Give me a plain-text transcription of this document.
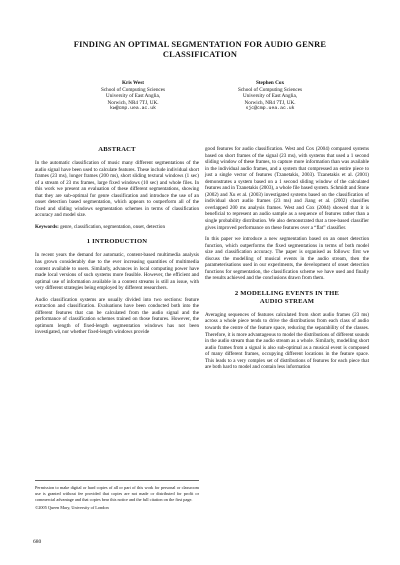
FINDING AN OPTIMAL SEGMENTATION FOR AUDIO GENRE
CLASSIFICATION
Kris West
School of Computing Sciences
University of East Anglia,
Norwich, NR4 7TJ, UK.
kw@cmp.uea.ac.uk
Stephen Cox
School of Computing Sciences
University of East Anglia,
Norwich, NR4 7TJ, UK.
sjc@cmp.uea.ac.uk
ABSTRACT

In the automatic classification of music many different segmentations of the audio signal have been used to calculate features. These include individual short frames (23 ms), longer frames (200 ms), short sliding textural windows (1 sec) of a stream of 23 ms frames, large fixed windows (10 sec) and whole files. In this work we present an evaluation of these different segmentations, showing that they are sub-optimal for genre classification and introduce the use of an onset detection based segmentation, which appears to outperform all of the fixed and sliding windows segmentation schemes in terms of classification accuracy and model size.

Keywords: genre, classification, segmentation, onset, detection

1 INTRODUCTION

In recent years the demand for automatic, content-based multimedia analysis has grown considerably due to the ever increasing quantities of multimedia content available to users. Similarly, advances in local computing power have made local versions of such systems more feasible. However, the efficient and optimal use of information available in a content streams is still an issue, with very different strategies being employed by different researchers.

Audio classification systems are usually divided into two sections: feature extraction and classification. Evaluations have been conducted both into the different features that can be calculated from the audio signal and the performance of classification schemes trained on those features. However, the optimum length of fixed-length segmentation windows has not been investigated, nor whether fixed-length windows provide

Permission to make digital or hard copies of all or part of this work for personal or classroom use is granted without fee provided that copies are not made or distributed for profit or commercial advantage and that copies bear this notice and the full citation on the first page.

©2005 Queen Mary, University of London

good features for audio classification. West and Cox (2004) compared systems based on short frames of the signal (23 ms), with systems that used a 1 second sliding window of these frames, to capture more information than was available in the individual audio frames, and a system that compressed an entire piece to just a single vector of features (Tzanetakis, 2003). Tzanetakis et al. (2001) demonstrates a system based on a 1 second sliding window of the calculated features and in Tzanetakis (2003), a whole file based system. Schmidt and Stone (2002) and Xu et al. (2003) investigated systems based on the classification of individual short audio frames (23 ms) and Jiang et al. (2002) classifies overlapped 200 ms analysis frames. West and Cox (2004) showed that it is beneficial to represent an audio sample as a sequence of features rather than a single probability distribution. We also demonstrated that a tree-based classifier gives improved performance on these features over a “flat” classifier.

In this paper we introduce a new segmentation based on an onset detection function, which outperforms the fixed segmentations in terms of both model size and classification accuracy. The paper is organised as follows: first we discuss the modelling of musical events in the audio stream, then the parameterisations used in our experiments, the development of onset detection functions for segmentation, the classification scheme we have used and finally the results achieved and the conclusions drawn from them.

2 MODELLING EVENTS IN THE
AUDIO STREAM

Averaging sequences of features calculated from short audio frames (23 ms) across a whole piece tends to drive the distributions from each class of audio towards the centre of the feature space, reducing the separability of the classes. Therefore, it is more advantageous to model the distributions of different sounds in the audio stream than the audio stream as a whole. Similarly, modelling short audio frames from a signal is also sub-optimal as a musical event is composed of many different frames, occupying different locations in the feature space. This leads to a very complex set of distributions of features for each piece that are both hard to model and contain less information

680
